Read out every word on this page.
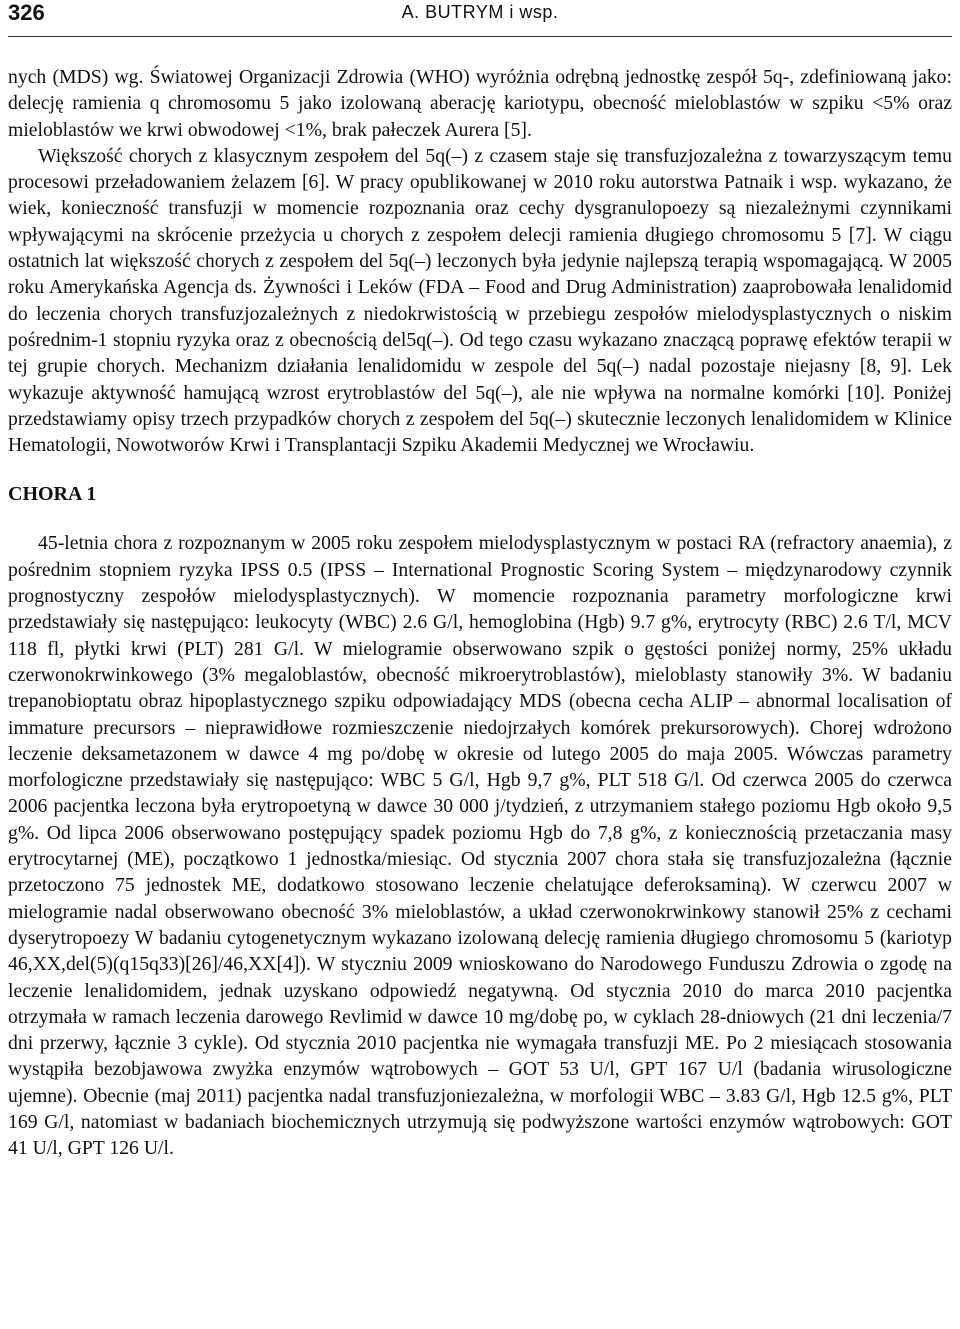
326	A. BUTRYM i wsp.

nych (MDS) wg. Światowej Organizacji Zdrowia (WHO) wyróżnia odrębną jednostkę zespół 5q-, zdefiniowaną jako: delecję ramienia q chromosomu 5 jako izolowaną aberację kariotypu, obecność mieloblastów w szpiku <5% oraz mieloblastów we krwi obwodowej <1%, brak pałeczek Aurera [5].

Większość chorych z klasycznym zespołem del 5q(–) z czasem staje się transfuzjozależna z towarzyszącym temu procesowi przeładowaniem żelazem [6]. W pracy opublikowanej w 2010 roku autorstwa Patnaik i wsp. wykazano, że wiek, konieczność transfuzji w momencie rozpoznania oraz cechy dysgranulopoezy są niezależnymi czynnikami wpływającymi na skrócenie przeżycia u chorych z zespołem delecji ramienia długiego chromosomu 5 [7]. W ciągu ostatnich lat większość chorych z zespołem del 5q(–) leczonych była jedynie najlepszą terapią wspomagającą. W 2005 roku Amerykańska Agencja ds. Żywności i Leków (FDA – Food and Drug Administration) zaaprobowała lenalidomid do leczenia chorych transfuzjozależnych z niedokrwistością w przebiegu zespołów mielodysplastycznych o niskim pośrednim-1 stopniu ryzyka oraz z obecnością del5q(–). Od tego czasu wykazano znaczącą poprawę efektów terapii w tej grupie chorych. Mechanizm działania lenalidomidu w zespole del 5q(–) nadal pozostaje niejasny [8, 9]. Lek wykazuje aktywność hamującą wzrost erytroblastów del 5q(–), ale nie wpływa na normalne komórki [10]. Poniżej przedstawiamy opisy trzech przypadków chorych z zespołem del 5q(–) skutecznie leczonych lenalidomidem w Klinice Hematologii, Nowotworów Krwi i Transplantacji Szpiku Akademii Medycznej we Wrocławiu.

CHORA 1

45-letnia chora z rozpoznanym w 2005 roku zespołem mielodysplastycznym w postaci RA (refractory anaemia), z pośrednim stopniem ryzyka IPSS 0.5 (IPSS – International Prognostic Scoring System – międzynarodowy czynnik prognostyczny zespołów mielodysplastycznych). W momencie rozpoznania parametry morfologiczne krwi przedstawiały się następująco: leukocyty (WBC) 2.6 G/l, hemoglobina (Hgb) 9.7 g%, erytrocyty (RBC) 2.6 T/l, MCV 118 fl, płytki krwi (PLT) 281 G/l. W mielogramie obserwowano szpik o gęstości poniżej normy, 25% układu czerwonokrwinkowego (3% megaloblastów, obecność mikroerytroblastów), mieloblasty stanowiły 3%. W badaniu trepanobioptatu obraz hipoplastycznego szpiku odpowiadający MDS (obecna cecha ALIP – abnormal localisation of immature precursors – nieprawidłowe rozmieszczenie niedojrzałych komórek prekursorowych). Chorej wdrożono leczenie deksametazonem w dawce 4 mg po/dobę w okresie od lutego 2005 do maja 2005. Wówczas parametry morfologiczne przedstawiały się następująco: WBC 5 G/l, Hgb 9,7 g%, PLT 518 G/l. Od czerwca 2005 do czerwca 2006 pacjentka leczona była erytropoetyną w dawce 30 000 j/tydzień, z utrzymaniem stałego poziomu Hgb około 9,5 g%. Od lipca 2006 obserwowano postępujący spadek poziomu Hgb do 7,8 g%, z koniecznością przetaczania masy erytrocytarnej (ME), początkowo 1 jednostka/miesiąc. Od stycznia 2007 chora stała się transfuzjozależna (łącznie przetoczono 75 jednostek ME, dodatkowo stosowano leczenie chelatujące deferoksaminą). W czerwcu 2007 w mielogramie nadal obserwowano obecność 3% mieloblastów, a układ czerwonokrwinkowy stanowił 25% z cechami dyserytropoezy W badaniu cytogenetycznym wykazano izolowaną delecję ramienia długiego chromosomu 5 (kariotyp 46,XX,del(5)(q15q33)[26]/46,XX[4]). W styczniu 2009 wnioskowano do Narodowego Funduszu Zdrowia o zgodę na leczenie lenalidomidem, jednak uzyskano odpowiedź negatywną. Od stycznia 2010 do marca 2010 pacjentka otrzymała w ramach leczenia darowego Revlimid w dawce 10 mg/dobę po, w cyklach 28-dniowych (21 dni leczenia/7 dni przerwy, łącznie 3 cykle). Od stycznia 2010 pacjentka nie wymagała transfuzji ME. Po 2 miesiącach stosowania wystąpiła bezobjawowa zwyżka enzymów wątrobowych – GOT 53 U/l, GPT 167 U/l (badania wirusologiczne ujemne). Obecnie (maj 2011) pacjentka nadal transfuzjoniezależna, w morfologii WBC – 3.83 G/l, Hgb 12.5 g%, PLT 169 G/l, natomiast w badaniach biochemicznych utrzymują się podwyższone wartości enzymów wątrobowych: GOT 41 U/l, GPT 126 U/l.
